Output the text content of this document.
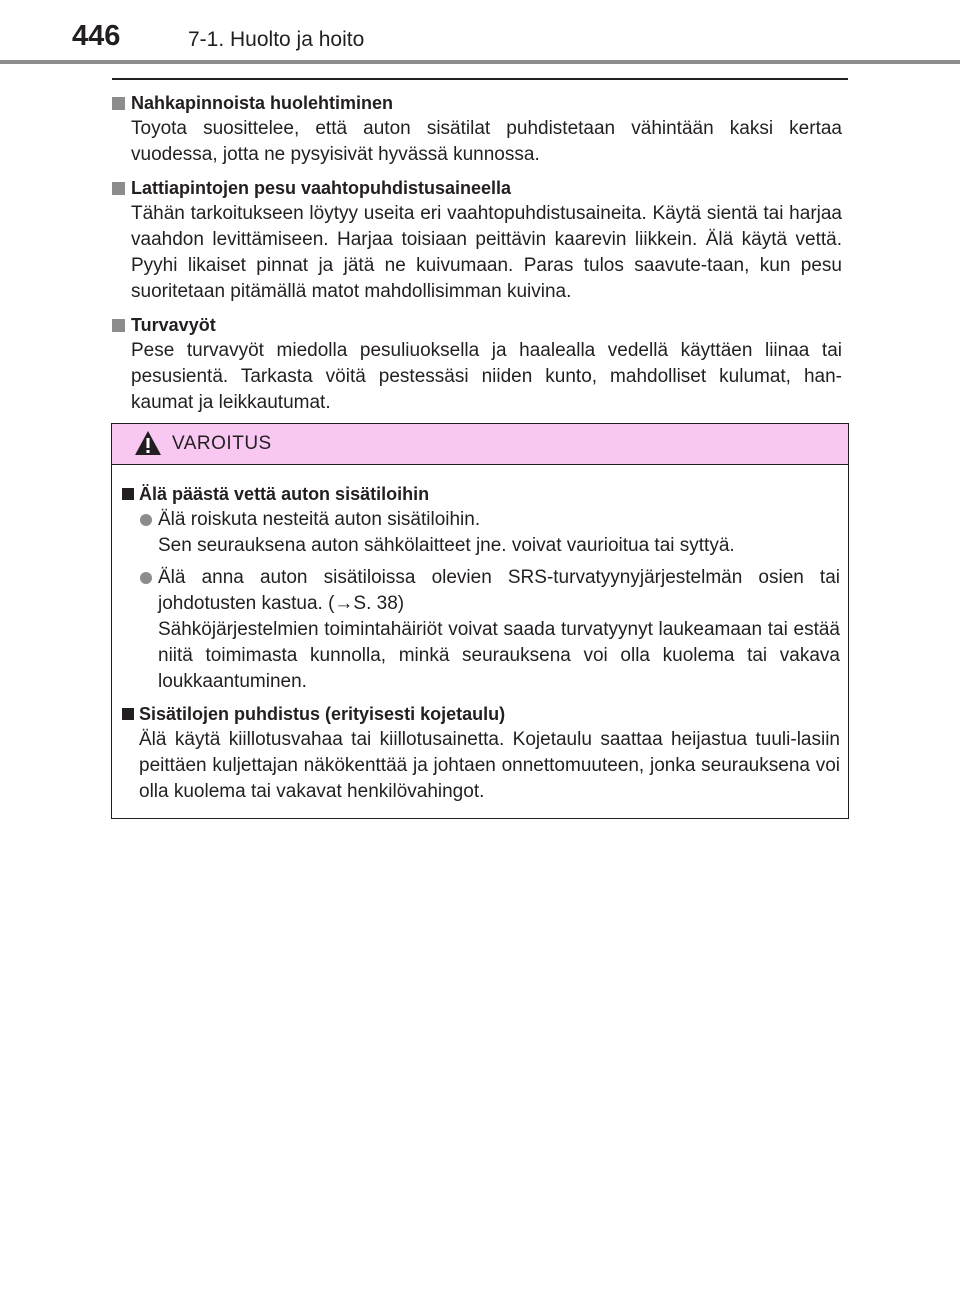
446	7-1. Huolto ja hoito
Nahkapinnoista huolehtiminen
Toyota suosittelee, että auton sisätilat puhdistetaan vähintään kaksi kertaa vuodessa, jotta ne pysyisivät hyvässä kunnossa.
Lattiapintojen pesu vaahtopuhdistusaineella
Tähän tarkoitukseen löytyy useita eri vaahtopuhdistusaineita. Käytä sientä tai harjaa vaahdon levittämiseen. Harjaa toisiaan peittävin kaarevin liikkein. Älä käytä vettä. Pyyhi likaiset pinnat ja jätä ne kuivumaan. Paras tulos saavute-taan, kun pesu suoritetaan pitämällä matot mahdollisimman kuivina.
Turvavyöt
Pese turvavyöt miedolla pesuliuoksella ja haalealla vedellä käyttäen liinaa tai pesusientä. Tarkasta vöitä pestessäsi niiden kunto, mahdolliset kulumat, han-kaumat ja leikkautumat.
VAROITUS
Älä päästä vettä auton sisätiloihin

Älä roiskuta nesteitä auton sisätiloihin.

Sen seurauksena auton sähkölaitteet jne. voivat vaurioitua tai syttyä.

Älä anna auton sisätiloissa olevien SRS-turvatyynyjärjestelmän osien tai johdotusten kastua. (→S. 38)

Sähköjärjestelmien toimintahäiriöt voivat saada turvatyynyt laukeamaan tai estää niitä toimimasta kunnolla, minkä seurauksena voi olla kuolema tai vakava loukkaantuminen.

Sisätilojen puhdistus (erityisesti kojetaulu)
Älä käytä kiillotusvahaa tai kiillotusainetta. Kojetaulu saattaa heijastua tuuli-lasiin peittäen kuljettajan näkökenttää ja johtaen onnettomuuteen, jonka seurauksena voi olla kuolema tai vakavat henkilövahingot.
